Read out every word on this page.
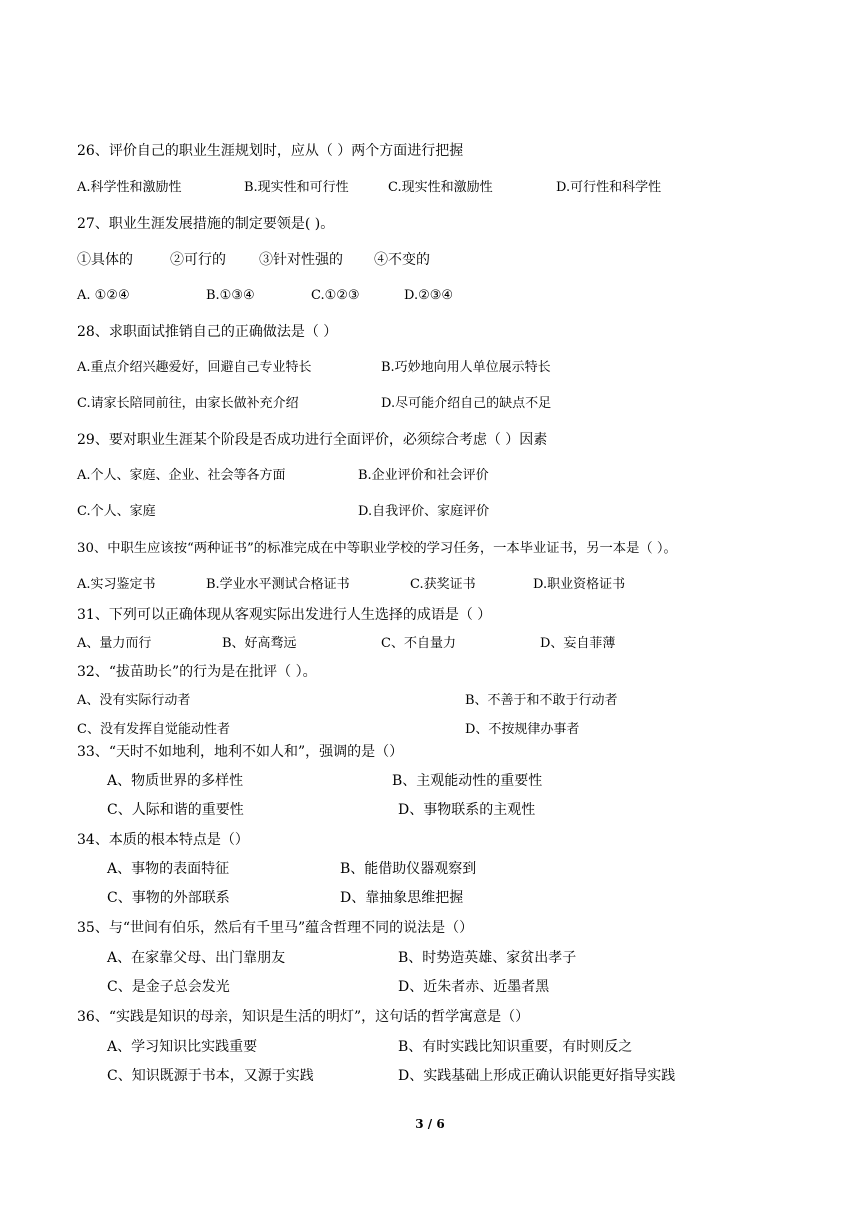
26、评价自己的职业生涯规划时，应从（ ）两个方面进行把握
A.科学性和激励性	B.现实性和可行性	C.现实性和激励性	D.可行性和科学性
27、职业生涯发展措施的制定要领是( )。
①具体的	②可行的 ③针对性强的 ④不变的
A. ①②④	B.①③④	C.①②③	D.②③④
28、求职面试推销自己的正确做法是（ ）
A.重点介绍兴趣爱好，回避自己专业特长	B.巧妙地向用人单位展示特长
C.请家长陪同前往，由家长做补充介绍	D.尽可能介绍自己的缺点不足
29、要对职业生涯某个阶段是否成功进行全面评价，必须综合考虑（ ）因素
A.个人、家庭、企业、社会等各方面	B.企业评价和社会评价
C.个人、家庭	D.自我评价、家庭评价
30、中职生应该按“两种证书”的标准完成在中等职业学校的学习任务，一本毕业证书，另一本是（ ）。
A.实习鉴定书	B.学业水平测试合格证书	C.获奖证书	D.职业资格证书
31、下列可以正确体现从客观实际出发进行人生选择的成语是（ ）
A、量力而行	B、好高骛远	C、不自量力	D、妄自菲薄
32、“拔苗助长”的行为是在批评（ ）。
A、没有实际行动者	B、不善于和不敢于行动者
C、没有发挥自觉能动性者	D、不按规律办事者
33、“天时不如地利，地利不如人和”，强调的是（）
A、物质世界的多样性	B、主观能动性的重要性
C、人际和谐的重要性	D、事物联系的主观性
34、本质的根本特点是（）
A、事物的表面特征	B、能借助仪器观察到
C、事物的外部联系	D、靠抽象思维把握
35、与“世间有伯乐，然后有千里马”蕴含哲理不同的说法是（）
A、在家靠父母、出门靠朋友	B、时势造英雄、家贫出孝子
C、是金子总会发光	D、近朱者赤、近墨者黑
36、“实践是知识的母亲，知识是生活的明灯”，这句话的哲学寓意是（）
A、学习知识比实践重要	B、有时实践比知识重要，有时则反之
C、知识既源于书本，又源于实践	D、实践基础上形成正确认识能更好指导实践
3 / 6
